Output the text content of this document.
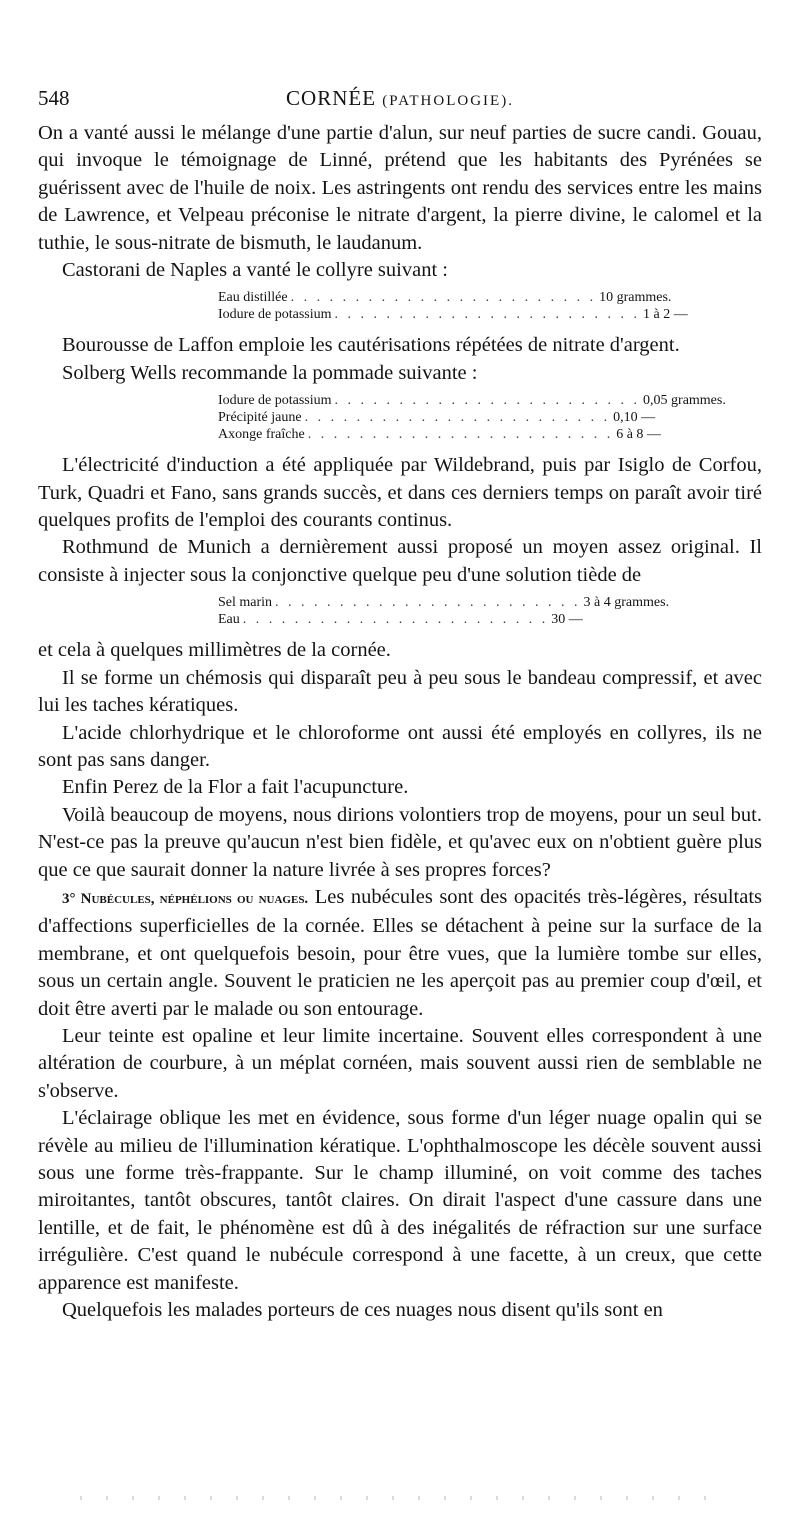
548	CORNÉE (PATHOLOGIE).

On a vanté aussi le mélange d'une partie d'alun, sur neuf parties de sucre candi. Gouau, qui invoque le témoignage de Linné, prétend que les habitants des Pyrénées se guérissent avec de l'huile de noix. Les astringents ont rendu des services entre les mains de Lawrence, et Velpeau préconise le nitrate d'argent, la pierre divine, le calomel et la tuthie, le sous-nitrate de bismuth, le laudanum.

Castorani de Naples a vanté le collyre suivant :

Eau distillée . . . . . . . . . . . . . . . . . . . . . . . . 10 grammes.
Iodure de potassium . . . . . . . . . . . . . . . . . . . . . . . . 1 à 2 —

Bourousse de Laffon emploie les cautérisations répétées de nitrate d'argent.

Solberg Wells recommande la pommade suivante :

Iodure de potassium . . . . . . . . . . . . . . . . . . . . . . . . 0,05 grammes.
Précipité jaune . . . . . . . . . . . . . . . . . . . . . . . . 0,10 —
Axonge fraîche . . . . . . . . . . . . . . . . . . . . . . . . 6 à 8 —

L'électricité d'induction a été appliquée par Wildebrand, puis par Isiglo de Corfou, Turk, Quadri et Fano, sans grands succès, et dans ces derniers temps on paraît avoir tiré quelques profits de l'emploi des courants continus.

Rothmund de Munich a dernièrement aussi proposé un moyen assez original. Il consiste à injecter sous la conjonctive quelque peu d'une solution tiède de

Sel marin . . . . . . . . . . . . . . . . . . . . . . . . 3 à 4 grammes.
Eau . . . . . . . . . . . . . . . . . . . . . . . . 30 —

et cela à quelques millimètres de la cornée.

Il se forme un chémosis qui disparaît peu à peu sous le bandeau compressif, et avec lui les taches kératiques.

L'acide chlorhydrique et le chloroforme ont aussi été employés en collyres, ils ne sont pas sans danger.

Enfin Perez de la Flor a fait l'acupuncture.

Voilà beaucoup de moyens, nous dirions volontiers trop de moyens, pour un seul but. N'est-ce pas la preuve qu'aucun n'est bien fidèle, et qu'avec eux on n'obtient guère plus que ce que saurait donner la nature livrée à ses propres forces?

3° Nubécules, néphélions ou nuages. Les nubécules sont des opacités très-légères, résultats d'affections superficielles de la cornée. Elles se détachent à peine sur la surface de la membrane, et ont quelquefois besoin, pour être vues, que la lumière tombe sur elles, sous un certain angle. Souvent le praticien ne les aperçoit pas au premier coup d'œil, et doit être averti par le malade ou son entourage.

Leur teinte est opaline et leur limite incertaine. Souvent elles correspondent à une altération de courbure, à un méplat cornéen, mais souvent aussi rien de semblable ne s'observe.

L'éclairage oblique les met en évidence, sous forme d'un léger nuage opalin qui se révèle au milieu de l'illumination kératique. L'ophthalmoscope les décèle souvent aussi sous une forme très-frappante. Sur le champ illuminé, on voit comme des taches miroitantes, tantôt obscures, tantôt claires. On dirait l'aspect d'une cassure dans une lentille, et de fait, le phénomène est dû à des inégalités de réfraction sur une surface irrégulière. C'est quand le nubécule correspond à une facette, à un creux, que cette apparence est manifeste.

Quelquefois les malades porteurs de ces nuages nous disent qu'ils sont en
